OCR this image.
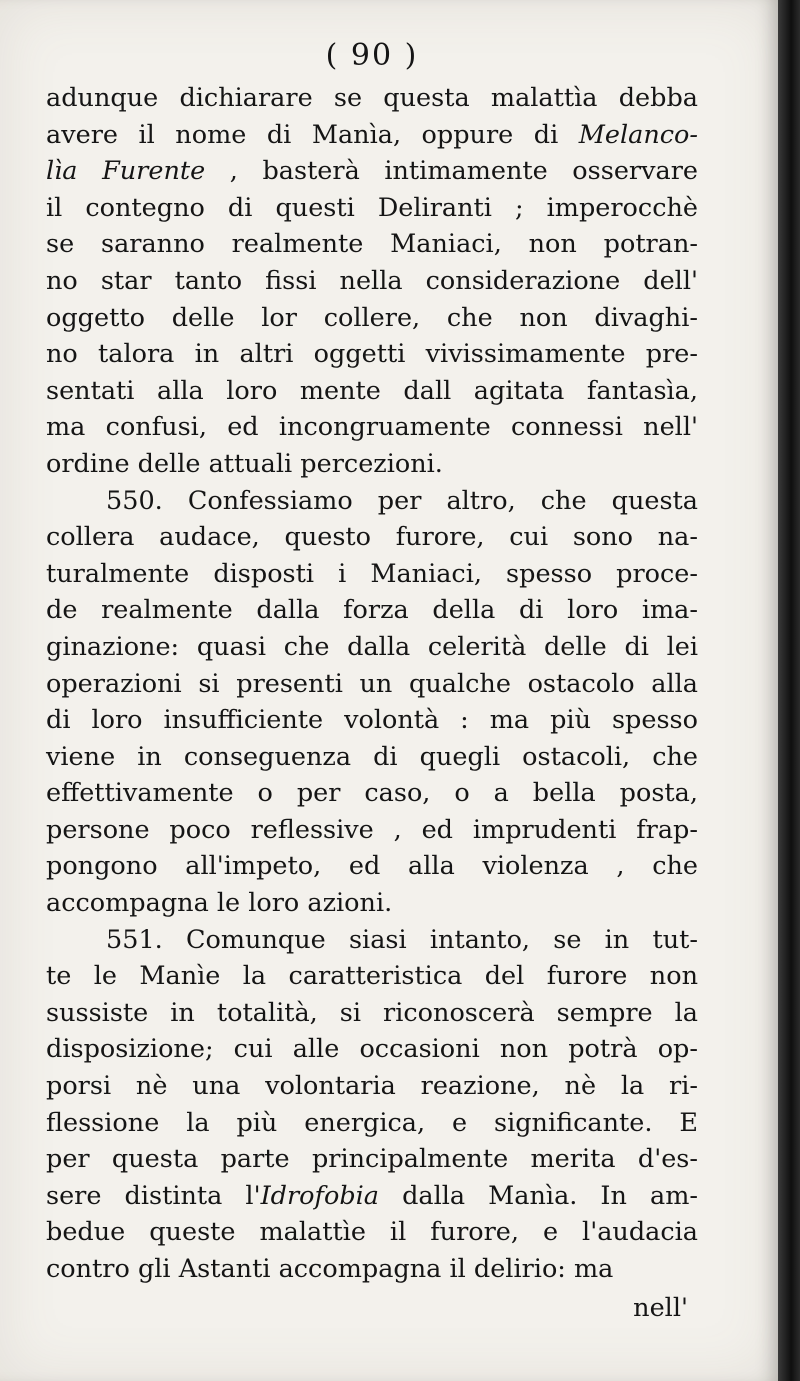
( 90 )
adunque dichiarare se questa malattìa debba
avere il nome di Manìa, oppure di Melanco-
lìa Furente , basterà intimamente osservare
il contegno di questi Deliranti ; imperocchè
se saranno realmente Maniaci, non potran-
no star tanto fissi nella considerazione dell'
oggetto delle lor collere, che non divaghi-
no talora in altri oggetti vivissimamente pre-
sentati alla loro mente dall agitata fantasìa,
ma confusi, ed incongruamente connessi nell'
ordine delle attuali percezioni.
550. Confessiamo per altro, che questa
collera audace, questo furore, cui sono na-
turalmente disposti i Maniaci, spesso proce-
de realmente dalla forza della di loro ima-
ginazione: quasi che dalla celerità delle di lei
operazioni si presenti un qualche ostacolo alla
di loro insufficiente volontà : ma più spesso
viene in conseguenza di quegli ostacoli, che
effettivamente o per caso, o a bella posta,
persone poco reflessive , ed imprudenti frap-
pongono all'impeto, ed alla violenza , che
accompagna le loro azioni.
551. Comunque siasi intanto, se in tut-
te le Manìe la caratteristica del furore non
sussiste in totalità, si riconoscerà sempre la
disposizione; cui alle occasioni non potrà op-
porsi nè una volontaria reazione, nè la ri-
flessione la più energica, e significante. E
per questa parte principalmente merita d'es-
sere distinta l'Idrofobia dalla Manìa. In am-
bedue queste malattìe il furore, e l'audacia
contro gli Astanti accompagna il delirio: ma
nell'
